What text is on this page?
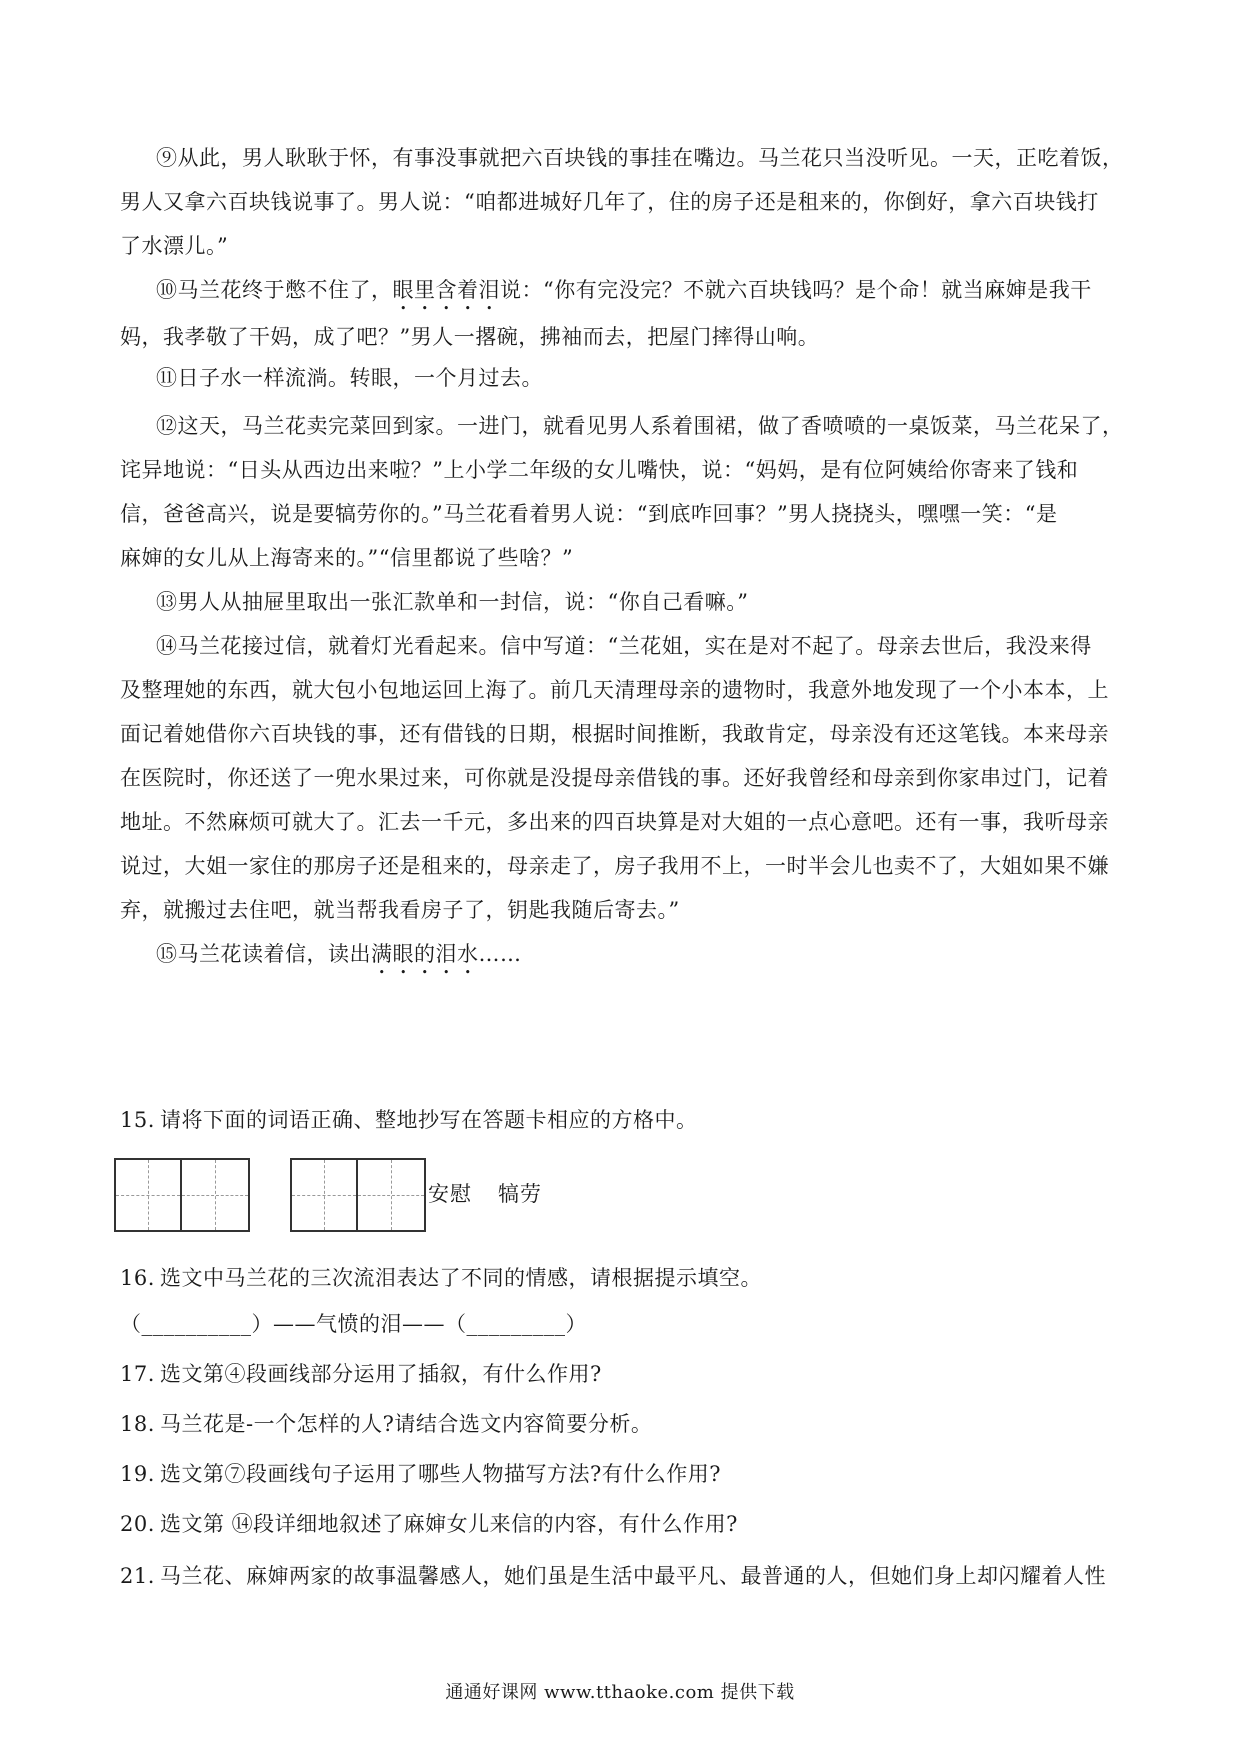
⑨从此，男人耿耿于怀，有事没事就把六百块钱的事挂在嘴边。马兰花只当没听见。一天，正吃着饭，
男人又拿六百块钱说事了。男人说：“咱都进城好几年了，住的房子还是租来的，你倒好，拿六百块钱打
了水漂儿。”
⑩马兰花终于憋不住了，眼里含着泪说：“你有完没完？不就六百块钱吗？是个命！就当麻婶是我干
妈，我孝敬了干妈，成了吧？”男人一撂碗，拂袖而去，把屋门摔得山响。
⑪日子水一样流淌。转眼，一个月过去。
⑫这天，马兰花卖完菜回到家。一进门，就看见男人系着围裙，做了香喷喷的一桌饭菜，马兰花呆了，
诧异地说：“日头从西边出来啦？”上小学二年级的女儿嘴快，说：“妈妈，是有位阿姨给你寄来了钱和
信，爸爸高兴，说是要犒劳你的。”马兰花看着男人说：“到底咋回事？”男人挠挠头，嘿嘿一笑：“是
麻婶的女儿从上海寄来的。”“信里都说了些啥？”
⑬男人从抽屉里取出一张汇款单和一封信，说：“你自己看嘛。”
⑭马兰花接过信，就着灯光看起来。信中写道：“兰花姐，实在是对不起了。母亲去世后，我没来得
及整理她的东西，就大包小包地运回上海了。前几天清理母亲的遗物时，我意外地发现了一个小本本，上
面记着她借你六百块钱的事，还有借钱的日期，根据时间推断，我敢肯定，母亲没有还这笔钱。本来母亲
在医院时，你还送了一兜水果过来，可你就是没提母亲借钱的事。还好我曾经和母亲到你家串过门，记着
地址。不然麻烦可就大了。汇去一千元，多出来的四百块算是对大姐的一点心意吧。还有一事，我听母亲
说过，大姐一家住的那房子还是租来的，母亲走了，房子我用不上，一时半会儿也卖不了，大姐如果不嫌
弃，就搬过去住吧，就当帮我看房子了，钥匙我随后寄去。”
⑮马兰花读着信，读出满眼的泪水……
15. 请将下面的词语正确、整地抄写在答题卡相应的方格中。
安慰 犒劳
16. 选文中马兰花的三次流泪表达了不同的情感，请根据提示填空。
（__________）——气愤的泪——（_________）
17. 选文第④段画线部分运用了插叙，有什么作用?
18. 马兰花是-一个怎样的人?请结合选文内容简要分析。
19. 选文第⑦段画线句子运用了哪些人物描写方法?有什么作用?
20. 选文第 ⑭段详细地叙述了麻婶女儿来信的内容，有什么作用?
21. 马兰花、麻婶两家的故事温馨感人，她们虽是生活中最平凡、最普通的人，但她们身上却闪耀着人性
通通好课网 www.tthaoke.com 提供下载
